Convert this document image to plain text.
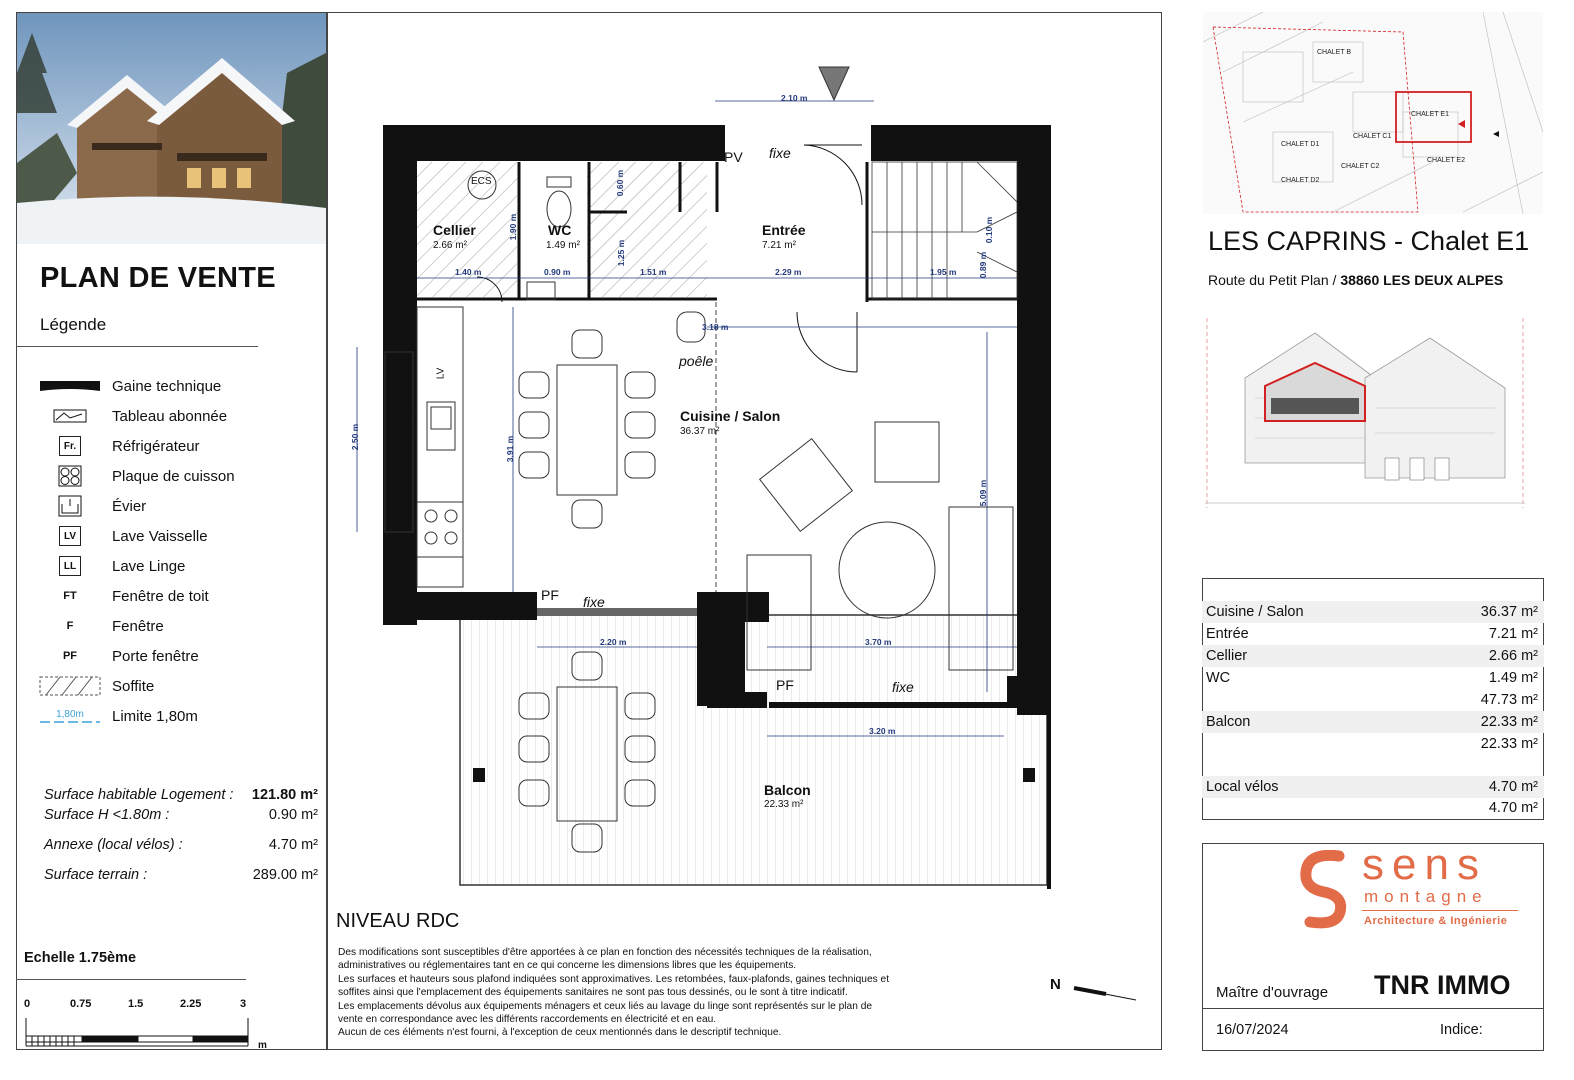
PLAN DE VENTE
Légende
Gaine technique
Tableau abonnée
Fr.	Réfrigérateur
Plaque de cuisson
Évier
LV	Lave Vaisselle
LL	Lave Linge
FT	Fenêtre de toit
F	Fenêtre
PF	Porte fenêtre
Soffite
1,80m Limite 1,80m
Surface habitable Logement : 121.80 m²
Surface H <1.80m :	0.90 m²
Annexe (local vélos) :	4.70 m²
Surface terrain :	289.00 m²
Echelle 1.75ème
0	0.75	1.5	2.25	3
m
Cellier
2.66 m²
WC
1.49 m²
Entrée
7.21 m²
Cuisine / Salon
36.37 m²
Balcon
22.33 m²
PV fixe
poêle
ECS
LV
F
fixe
PF fixe
PF	fixe
2.10 m
1.90 m
0.60 m
1.25 m
1.40 m	0.90 m	1.51 m	2.29 m	1.95 m	0.89 m
0.10 m
3.18 m
2.50 m	3.91 m
5.09 m
2.20 m	3.70 m
3.20 m
N
NIVEAU RDC
Des modifications sont susceptibles d'être apportées à ce plan en fonction des nécessités techniques de la réalisation,
administratives ou réglementaires tant en ce qui concerne les dimensions libres que les équipements.
Les surfaces et hauteurs sous plafond indiquées sont approximatives. Les retombées, faux-plafonds, gaines techniques et
soffites ainsi que l'emplacement des équipements sanitaires ne sont pas tous dessinés, ou le sont à titre indicatif.
Les emplacements dévolus aux équipements ménagers et ceux liés au lavage du linge sont représentés sur le plan de
vente en correspondance avec les différents raccordements en électricité et en eau.
Aucun de ces éléments n'est fourni, à l'exception de ceux mentionnés dans le descriptif technique.
CHALET B
CHALET C1
CHALET E1
CHALET D1
CHALET C2
CHALET E2
CHALET D2
LES CAPRINS - Chalet E1
Route du Petit Plan / 38860 LES DEUX ALPES
Cuisine / Salon	36.37 m²
Entrée	7.21 m²
Cellier	2.66 m²
WC	1.49 m²
47.73 m²
Balcon	22.33 m²
22.33 m²
Local vélos	4.70 m²
4.70 m²
sens
montagne
Architecture & Ingénierie
Maître d'ouvrage TNR IMMO
16/07/2024	Indice:
